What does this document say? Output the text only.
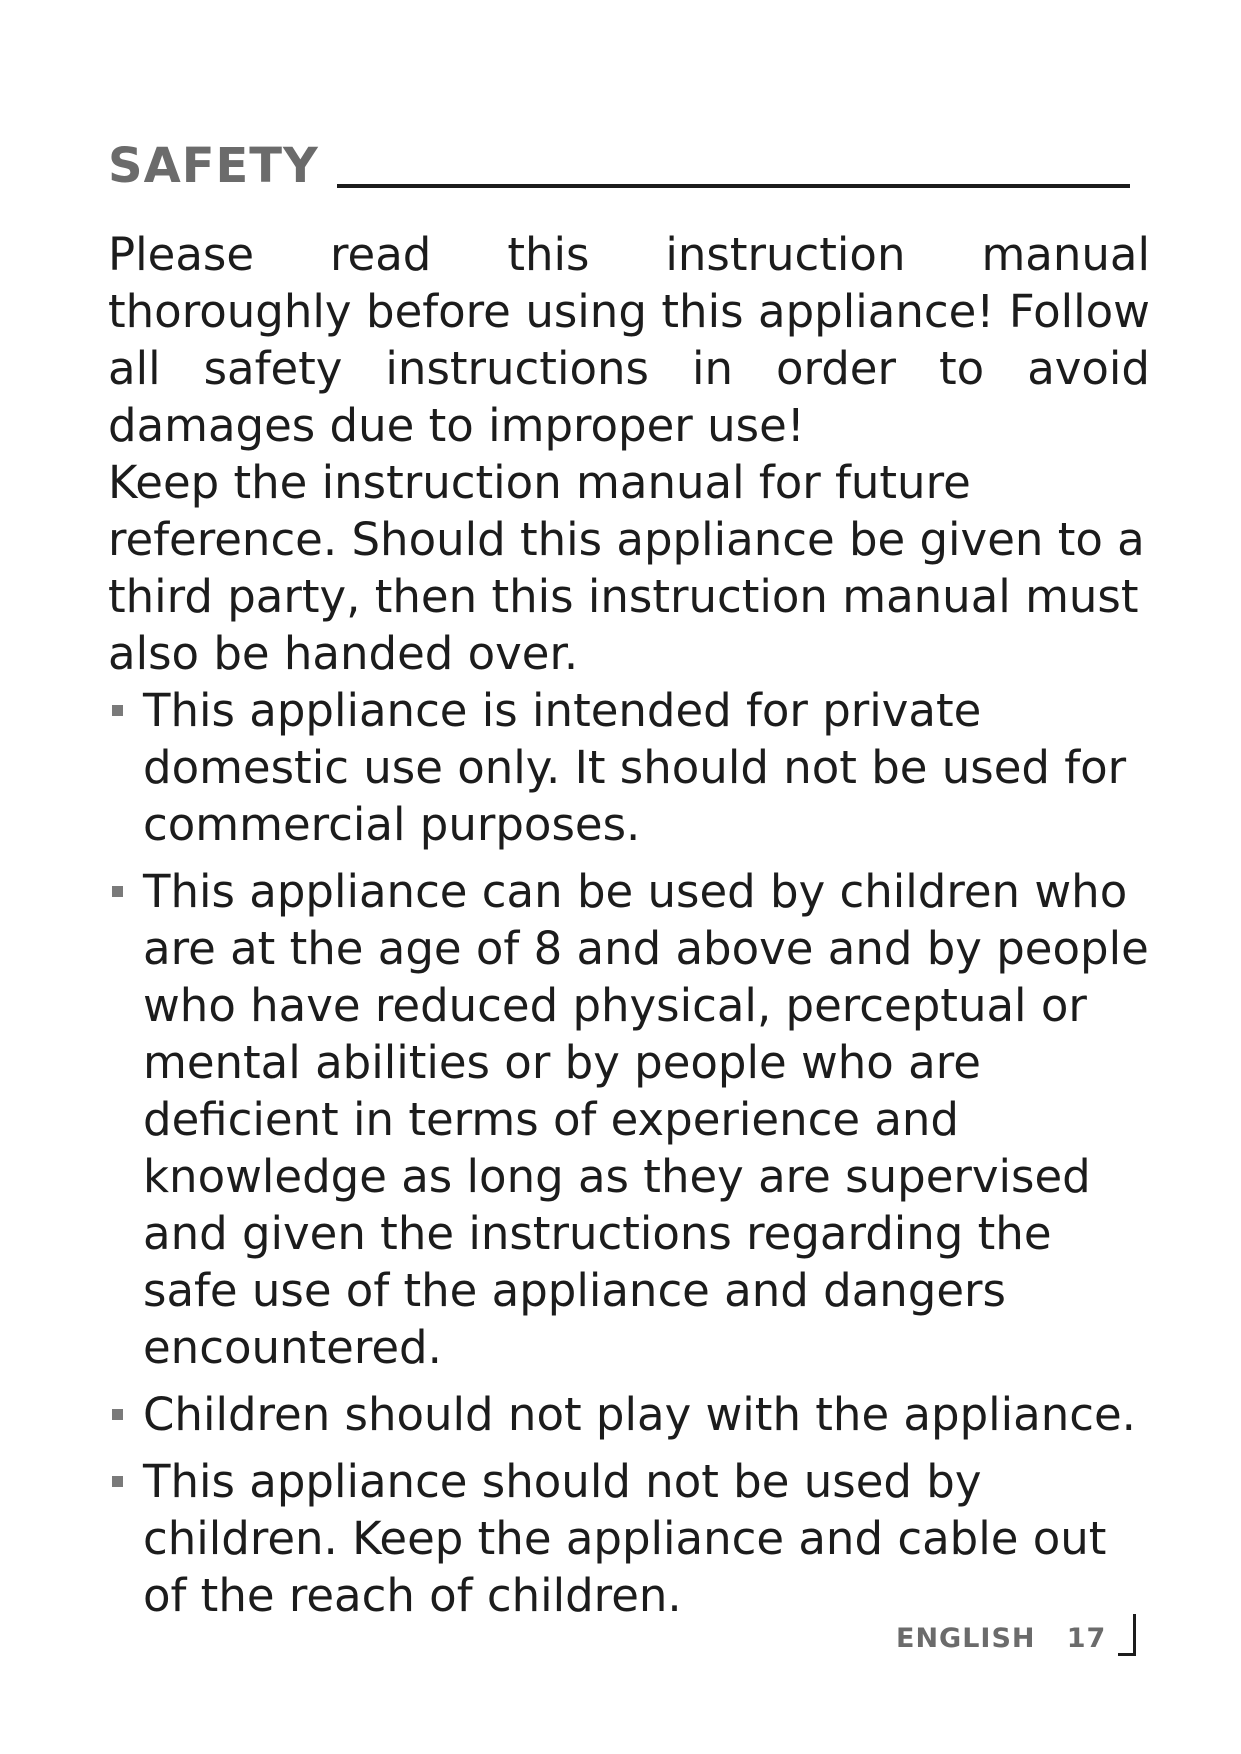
SAFETY

Please read this instruction manual thoroughly before using this appliance! Follow all safety instructions in order to avoid damages due to improper use!

Keep the instruction manual for future reference. Should this appliance be given to a third party, then this instruction manual must also be handed over.

This appliance is intended for private domestic use only. It should not be used for commercial purposes.
This appliance can be used by children who are at the age of 8 and above and by people who have reduced physical, perceptual or mental abilities or by people who are deficient in terms of experience and knowledge as long as they are supervised and given the instructions regarding the safe use of the appliance and dangers encountered.
Children should not play with the appliance.
This appliance should not be used by children. Keep the appliance and cable out of the reach of children.
ENGLISH 17
